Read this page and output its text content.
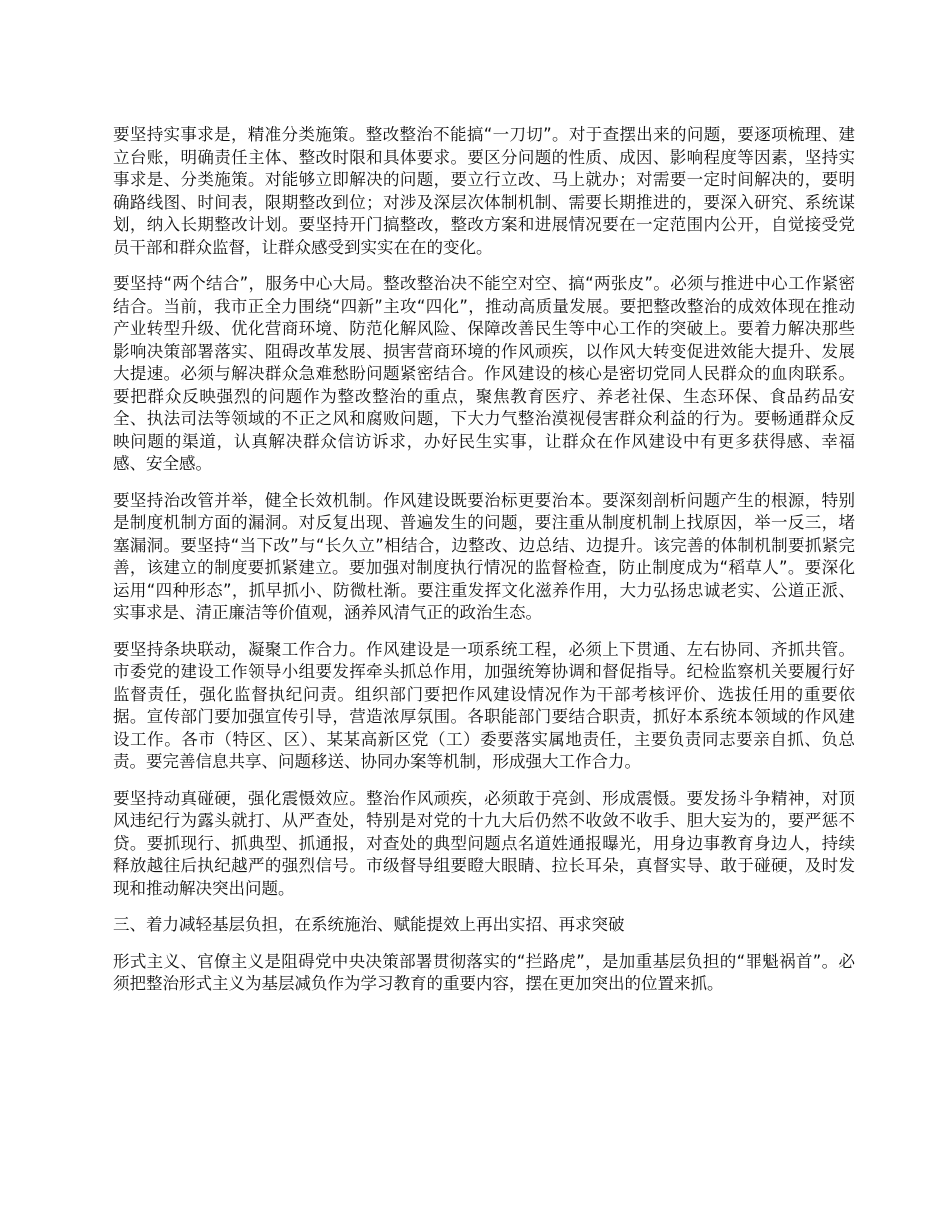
要坚持实事求是，精准分类施策。整改整治不能搞“一刀切”。对于查摆出来的问题，要逐项梳理、建立台账，明确责任主体、整改时限和具体要求。要区分问题的性质、成因、影响程度等因素，坚持实事求是、分类施策。对能够立即解决的问题，要立行立改、马上就办；对需要一定时间解决的，要明确路线图、时间表，限期整改到位；对涉及深层次体制机制、需要长期推进的，要深入研究、系统谋划，纳入长期整改计划。要坚持开门搞整改，整改方案和进展情况要在一定范围内公开，自觉接受党员干部和群众监督，让群众感受到实实在在的变化。

要坚持“两个结合”，服务中心大局。整改整治决不能空对空、搞“两张皮”。必须与推进中心工作紧密结合。当前，我市正全力围绕“四新”主攻“四化”，推动高质量发展。要把整改整治的成效体现在推动产业转型升级、优化营商环境、防范化解风险、保障改善民生等中心工作的突破上。要着力解决那些影响决策部署落实、阻碍改革发展、损害营商环境的作风顽疾，以作风大转变促进效能大提升、发展大提速。必须与解决群众急难愁盼问题紧密结合。作风建设的核心是密切党同人民群众的血肉联系。要把群众反映强烈的问题作为整改整治的重点，聚焦教育医疗、养老社保、生态环保、食品药品安全、执法司法等领域的不正之风和腐败问题，下大力气整治漠视侵害群众利益的行为。要畅通群众反映问题的渠道，认真解决群众信访诉求，办好民生实事，让群众在作风建设中有更多获得感、幸福感、安全感。

要坚持治改管并举，健全长效机制。作风建设既要治标更要治本。要深刻剖析问题产生的根源，特别是制度机制方面的漏洞。对反复出现、普遍发生的问题，要注重从制度机制上找原因，举一反三，堵塞漏洞。要坚持“当下改”与“长久立”相结合，边整改、边总结、边提升。该完善的体制机制要抓紧完善，该建立的制度要抓紧建立。要加强对制度执行情况的监督检查，防止制度成为“稻草人”。要深化运用“四种形态”，抓早抓小、防微杜渐。要注重发挥文化滋养作用，大力弘扬忠诚老实、公道正派、实事求是、清正廉洁等价值观，涵养风清气正的政治生态。

要坚持条块联动，凝聚工作合力。作风建设是一项系统工程，必须上下贯通、左右协同、齐抓共管。市委党的建设工作领导小组要发挥牵头抓总作用，加强统筹协调和督促指导。纪检监察机关要履行好监督责任，强化监督执纪问责。组织部门要把作风建设情况作为干部考核评价、选拔任用的重要依据。宣传部门要加强宣传引导，营造浓厚氛围。各职能部门要结合职责，抓好本系统本领域的作风建设工作。各市（特区、区）、某某高新区党（工）委要落实属地责任，主要负责同志要亲自抓、负总责。要完善信息共享、问题移送、协同办案等机制，形成强大工作合力。

要坚持动真碰硬，强化震慑效应。整治作风顽疾，必须敢于亮剑、形成震慑。要发扬斗争精神，对顶风违纪行为露头就打、从严查处，特别是对党的十九大后仍然不收敛不收手、胆大妄为的，要严惩不贷。要抓现行、抓典型、抓通报，对查处的典型问题点名道姓通报曝光，用身边事教育身边人，持续释放越往后执纪越严的强烈信号。市级督导组要瞪大眼睛、拉长耳朵，真督实导、敢于碰硬，及时发现和推动解决突出问题。

三、着力减轻基层负担，在系统施治、赋能提效上再出实招、再求突破

形式主义、官僚主义是阻碍党中央决策部署贯彻落实的“拦路虎”，是加重基层负担的“罪魁祸首”。必须把整治形式主义为基层减负作为学习教育的重要内容，摆在更加突出的位置来抓。
